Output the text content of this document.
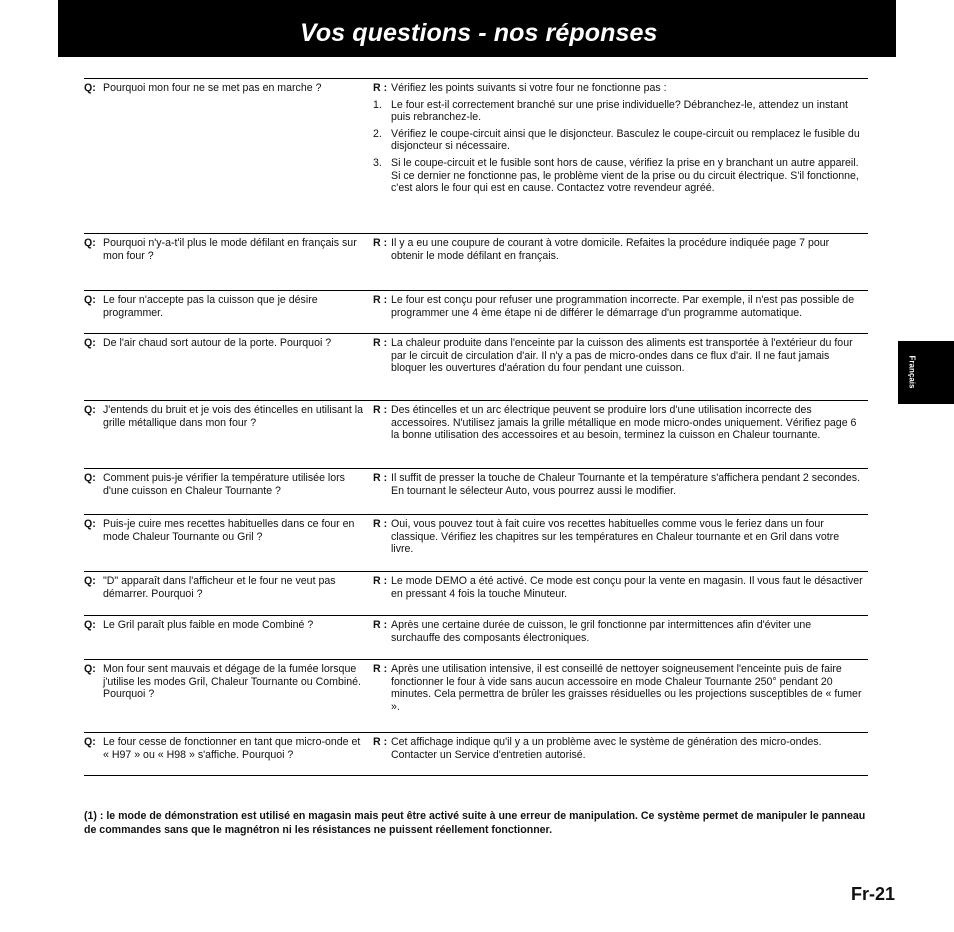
Vos questions - nos réponses
Français
Q: Pourquoi mon four ne se met pas en marche ?	R : Vérifiez les points suivants si votre four ne fonctionne pas :
1. Le four est-il correctement branché sur une prise individuelle? Débranchez-le, attendez un instant puis rebranchez-le.
2. Vérifiez le coupe-circuit ainsi que le disjoncteur. Basculez le coupe-circuit ou remplacez le fusible du disjoncteur si nécessaire.
3. Si le coupe-circuit et le fusible sont hors de cause, vérifiez la prise en y branchant un autre appareil. Si ce dernier ne fonctionne pas, le problème vient de la prise ou du circuit électrique. S'il fonctionne, c'est alors le four qui est en cause. Contactez votre revendeur agréé.
Q: Pourquoi n'y-a-t'il plus le mode défilant en français sur mon four ?
R : Il y a eu une coupure de courant à votre domicile. Refaites la procédure indiquée page 7 pour obtenir le mode défilant en français.
Q: Le four n'accepte pas la cuisson que je désire programmer.
R : Le four est conçu pour refuser une programmation incorrecte. Par exemple, il n'est pas possible de programmer une 4 ème étape ni de différer le démarrage d'un programme automatique.
Q: De l'air chaud sort autour de la porte. Pourquoi ?	R : La chaleur produite dans l'enceinte par la cuisson des aliments est transportée à l'extérieur du four par le circuit de circulation d'air. Il n'y a pas de micro-ondes dans ce flux d'air. Il ne faut jamais bloquer les ouvertures d'aération du four pendant une cuisson.
Q: J'entends du bruit et je vois des étincelles en utilisant la grille métallique dans mon four ?
R : Des étincelles et un arc électrique peuvent se produire lors d'une utilisation incorrecte des accessoires. N'utilisez jamais la grille métallique en mode micro-ondes uniquement. Vérifiez page 6 la bonne utilisation des accessoires et au besoin, terminez la cuisson en Chaleur tournante.
Q: Comment puis-je vérifier la température utilisée lors d'une cuisson en Chaleur Tournante ?
R : Il suffit de presser la touche de Chaleur Tournante et la température s'affichera pendant 2 secondes. En tournant le sélecteur Auto, vous pourrez aussi le modifier.
Q: Puis-je cuire mes recettes habituelles dans ce four en mode Chaleur Tournante ou Gril ?
R : Oui, vous pouvez tout à fait cuire vos recettes habituelles comme vous le feriez dans un four classique. Vérifiez les chapitres sur les températures en Chaleur tournante et en Gril dans votre livre.
Q: "D" apparaît dans l'afficheur et le four ne veut pas démarrer. Pourquoi ?
R : Le mode DEMO a été activé. Ce mode est conçu pour la vente en magasin. Il vous faut le désactiver en pressant 4 fois la touche Minuteur.
Q: Le Gril paraît plus faible en mode Combiné ?	R : Après une certaine durée de cuisson, le gril fonctionne par intermittences afin d'éviter une surchauffe des composants électroniques.
Q: Mon four sent mauvais et dégage de la fumée lorsque j'utilise les modes Gril, Chaleur Tournante ou Combiné. Pourquoi ?
R : Après une utilisation intensive, il est conseillé de nettoyer soigneusement l'enceinte puis de faire fonctionner le four à vide sans aucun accessoire en mode Chaleur Tournante 250° pendant 20 minutes. Cela permettra de brûler les graisses résiduelles ou les projections susceptibles de « fumer ».
Q: Le four cesse de fonctionner en tant que micro-onde et « H97 » ou « H98 » s'affiche. Pourquoi ?
R : Cet affichage indique qu'il y a un problème avec le système de génération des micro-ondes. Contacter un Service d'entretien autorisé.
(1) : le mode de démonstration est utilisé en magasin mais peut être activé suite à une erreur de manipulation. Ce système permet de manipuler le panneau de commandes sans que le magnétron ni les résistances ne puissent réellement fonctionner.
Fr-21
